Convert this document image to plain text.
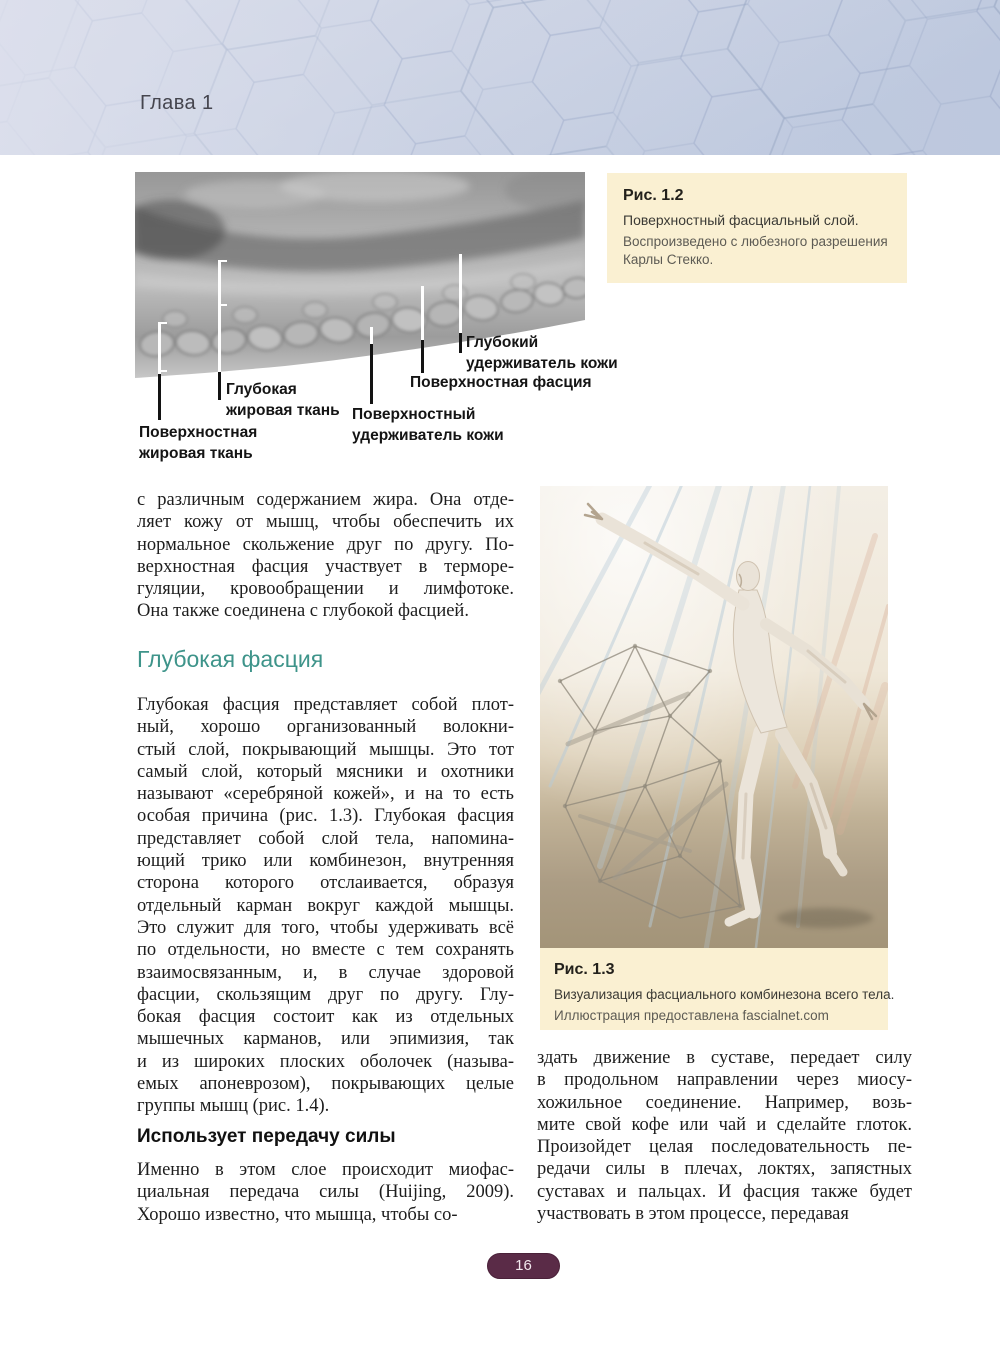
Глава 1
Поверхностная
жировая ткань
Глубокая
жировая ткань Поверхностный
удерживатель кожи
Поверхностная фасция
Глубокий
удерживатель кожи
Рис. 1.2
Поверхностный фасциальный слой.
Воспроизведено с любезного разрешения Карлы Стекко.
с различным содержанием жира. Она отде-
ляет кожу от мышц, чтобы обеспечить их
нормальное скольжение друг по другу. По-
верхностная фасция участвует в терморе-
гуляции, кровообращении и лимфотоке.
Она также соединена с глубокой фасцией.
Глубокая фасция
Глубокая фасция представляет собой плот-
ный, хорошо организованный волокни-
стый слой, покрывающий мышцы. Это тот
самый слой, который мясники и охотники
называют «серебряной кожей», и на то есть
особая причина (рис. 1.3). Глубокая фасция
представляет собой слой тела, напомина-
ющий трико или комбинезон, внутренняя
сторона которого отслаивается, образуя
отдельный карман вокруг каждой мышцы.
Это служит для того, чтобы удерживать всё
по отдельности, но вместе с тем сохранять
взаимосвязанным, и, в случае здоровой
фасции, скользящим друг по другу. Глу-
бокая фасция состоит как из отдельных
мышечных карманов, или эпимизия, так
и из широких плоских оболочек (называ-
емых апоневрозом), покрывающих целые
группы мышц (рис. 1.4).
Использует передачу силы
Именно в этом слое происходит миофас-
циальная передача силы (Huijing, 2009).
Хорошо известно, что мышца, чтобы со-
Рис. 1.3
Визуализация фасциального комбинезона всего тела.
Иллюстрация предоставлена fascialnet.com
здать движение в суставе, передает силу
в продольном направлении через миосу-
хожильное соединение. Например, возь-
мите свой кофе или чай и сделайте глоток.
Произойдет целая последовательность пе-
редачи силы в плечах, локтях, запястных
суставах и пальцах. И фасция также будет
участвовать в этом процессе, передавая
16
